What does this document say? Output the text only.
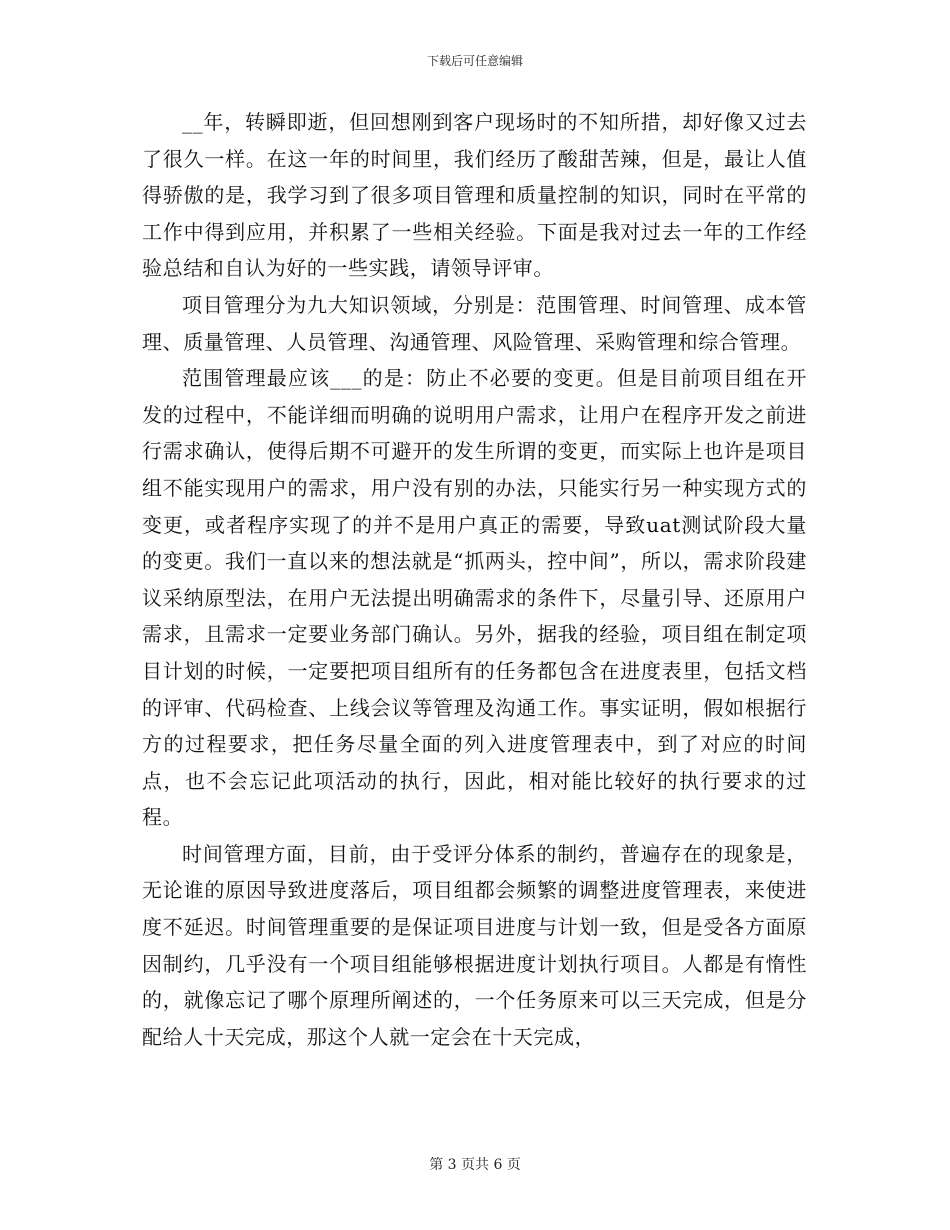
下载后可任意编辑

__年，转瞬即逝，但回想刚到客户现场时的不知所措，却好像又过去了很久一样。在这一年的时间里，我们经历了酸甜苦辣，但是，最让人值得骄傲的是，我学习到了很多项目管理和质量控制的知识，同时在平常的工作中得到应用，并积累了一些相关经验。下面是我对过去一年的工作经验总结和自认为好的一些实践，请领导评审。

项目管理分为九大知识领域，分别是：范围管理、时间管理、成本管理、质量管理、人员管理、沟通管理、风险管理、采购管理和综合管理。

范围管理最应该___的是：防止不必要的变更。但是目前项目组在开发的过程中，不能详细而明确的说明用户需求，让用户在程序开发之前进行需求确认，使得后期不可避开的发生所谓的变更，而实际上也许是项目组不能实现用户的需求，用户没有别的办法，只能实行另一种实现方式的变更，或者程序实现了的并不是用户真正的需要，导致uat测试阶段大量的变更。我们一直以来的想法就是“抓两头，控中间”，所以，需求阶段建议采纳原型法，在用户无法提出明确需求的条件下，尽量引导、还原用户需求，且需求一定要业务部门确认。另外，据我的经验，项目组在制定项目计划的时候，一定要把项目组所有的任务都包含在进度表里，包括文档的评审、代码检查、上线会议等管理及沟通工作。事实证明，假如根据行方的过程要求，把任务尽量全面的列入进度管理表中，到了对应的时间点，也不会忘记此项活动的执行，因此，相对能比较好的执行要求的过程。

时间管理方面，目前，由于受评分体系的制约，普遍存在的现象是，无论谁的原因导致进度落后，项目组都会频繁的调整进度管理表，来使进度不延迟。时间管理重要的是保证项目进度与计划一致，但是受各方面原因制约，几乎没有一个项目组能够根据进度计划执行项目。人都是有惰性的，就像忘记了哪个原理所阐述的，一个任务原来可以三天完成，但是分配给人十天完成，那这个人就一定会在十天完成，

第 3 页共 6 页
